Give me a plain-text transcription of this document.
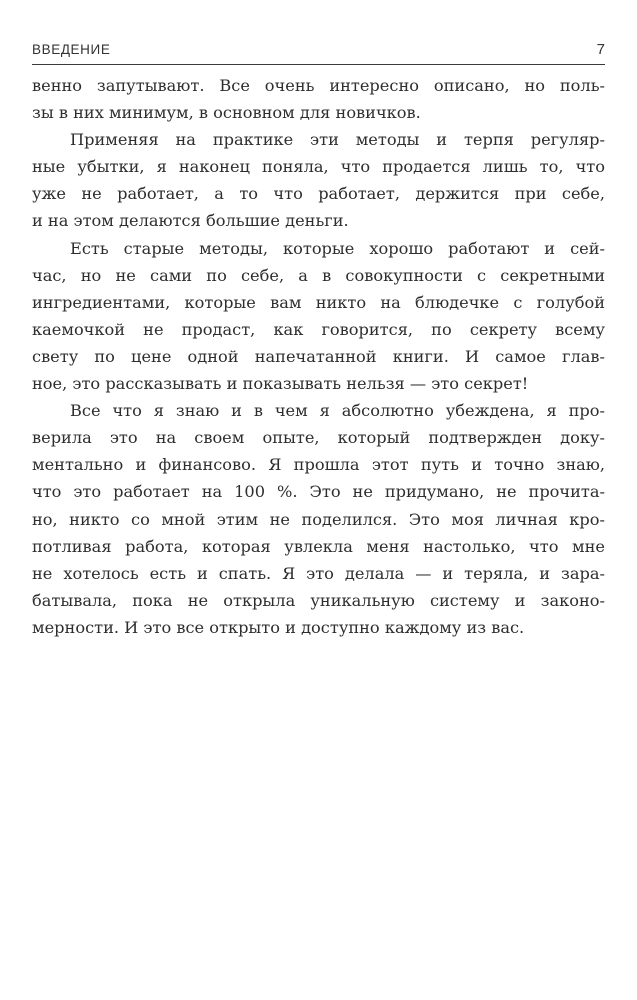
ВВЕДЕНИЕ	7
венно запутывают. Все очень интересно описано, но поль-
зы в них минимум, в основном для новичков.
Применяя на практике эти методы и терпя регуляр-
ные убытки, я наконец поняла, что продается лишь то, что
уже не работает, а то что работает, держится при себе,
и на этом делаются большие деньги.
Есть старые методы, которые хорошо работают и сей-
час, но не сами по себе, а в совокупности с секретными
ингредиентами, которые вам никто на блюдечке с голубой
каемочкой не продаст, как говорится, по секрету всему
свету по цене одной напечатанной книги. И самое глав-
ное, это рассказывать и показывать нельзя — это секрет!
Все что я знаю и в чем я абсолютно убеждена, я про-
верила это на своем опыте, который подтвержден доку-
ментально и финансово. Я прошла этот путь и точно знаю,
что это работает на 100 %. Это не придумано, не прочита-
но, никто со мной этим не поделился. Это моя личная кро-
потливая работа, которая увлекла меня настолько, что мне
не хотелось есть и спать. Я это делала — и теряла, и зара-
батывала, пока не открыла уникальную систему и законо-
мерности. И это все открыто и доступно каждому из вас.
